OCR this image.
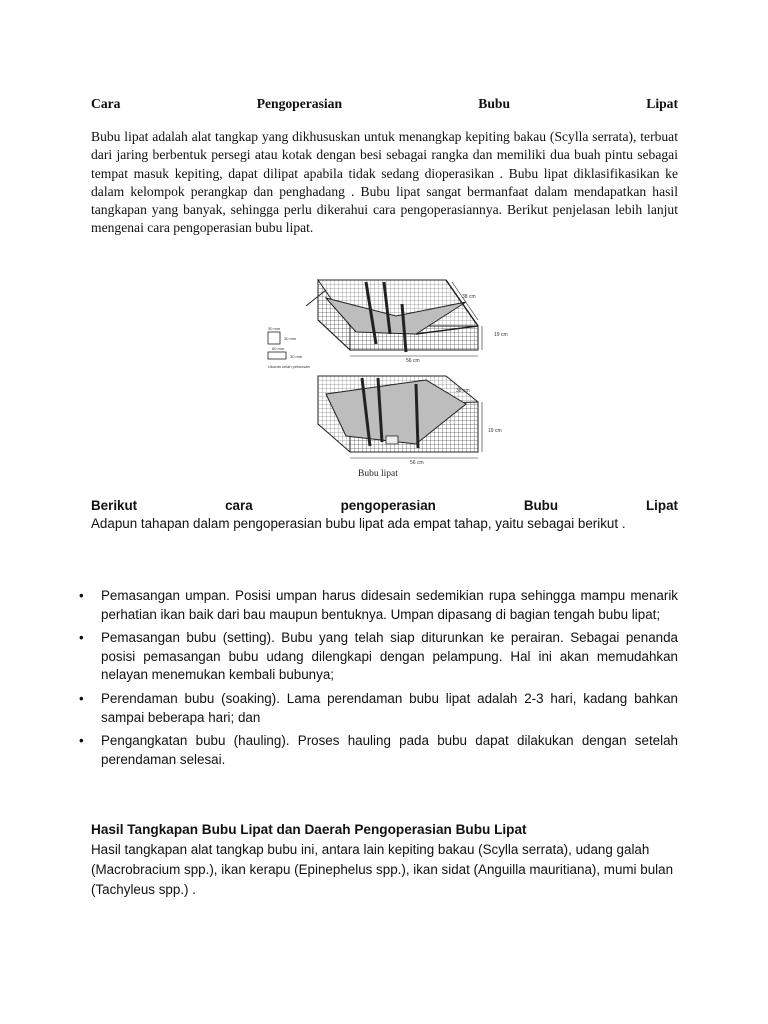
Cara	Pengoperasian	Bubu	Lipat

Bubu lipat adalah alat tangkap yang dikhususkan untuk menangkap kepiting bakau (Scylla serrata), terbuat dari jaring berbentuk persegi atau kotak dengan besi sebagai rangka dan memiliki dua buah pintu sebagai tempat masuk kepiting, dapat dilipat apabila tidak sedang dioperasikan . Bubu lipat diklasifikasikan ke dalam kelompok perangkap dan penghadang . Bubu lipat sangat bermanfaat dalam mendapatkan hasil tangkapan yang banyak, sehingga perlu dikerahui cara pengoperasiannya. Berikut penjelasan lebih lanjut mengenai cara pengoperasian bubu lipat.

19 cm
38 cm
56 cm
30 mm
30 mm
60 mm
30 mm
Ukuran celah pelolosan
19 cm
38 cm
56 cm
Bubu lipat
Berikut	cara	pengoperasian	Bubu	Lipat

Adapun tahapan dalam pengoperasian bubu lipat ada empat tahap, yaitu sebagai berikut .

• Pemasangan umpan. Posisi umpan harus didesain sedemikian rupa sehingga mampu menarik perhatian ikan baik dari bau maupun bentuknya. Umpan dipasang di bagian tengah bubu lipat;
• Pemasangan bubu (setting). Bubu yang telah siap diturunkan ke perairan. Sebagai penanda posisi pemasangan bubu udang dilengkapi dengan pelampung. Hal ini akan memudahkan nelayan menemukan kembali bubunya;
• Perendaman bubu (soaking). Lama perendaman bubu lipat adalah 2-3 hari, kadang bahkan sampai beberapa hari; dan
• Pengangkatan bubu (hauling). Proses hauling pada bubu dapat dilakukan dengan setelah perendaman selesai.

Hasil Tangkapan Bubu Lipat dan Daerah Pengoperasian Bubu Lipat

Hasil tangkapan alat tangkap bubu ini, antara lain kepiting bakau (Scylla serrata), udang galah (Macrobracium spp.), ikan kerapu (Epinephelus spp.), ikan sidat (Anguilla mauritiana), mumi bulan (Tachyleus spp.) .
